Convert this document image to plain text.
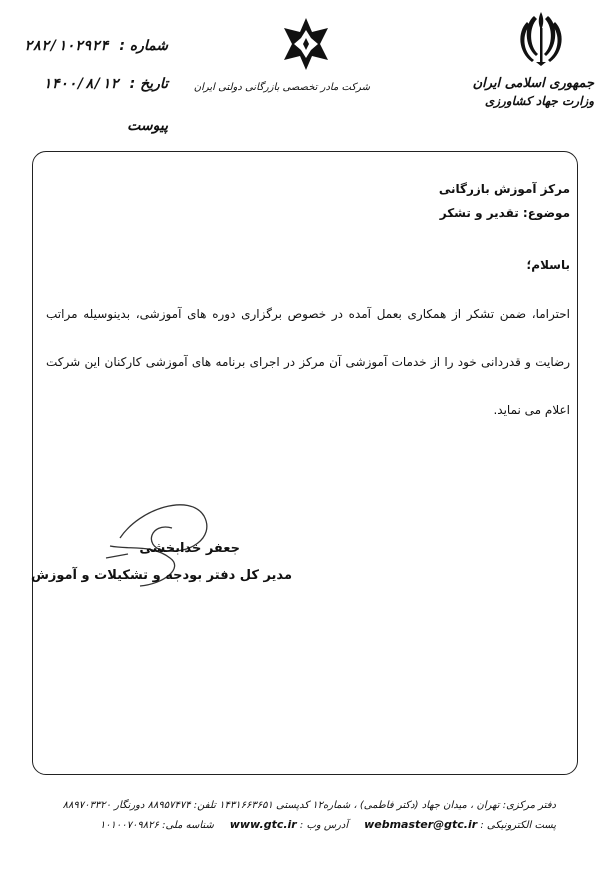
جمهوری اسلامی ایران
وزارت جهاد کشاورزی
شرکت مادر تخصصی بازرگانی دولتی ایران
شماره : ۲۸۲/۱۰۲۹۲۴
تاریخ : ۱۴۰۰/۸/۱۲
پیوست
مرکز آموزش بازرگانی
موضوع: تقدیر و تشکر
باسلام؛
احتراما، ضمن تشکر از همکاری بعمل آمده در خصوص برگزاری دوره های آموزشی، بدینوسیله مراتب رضایت و قدردانی خود را از خدمات آموزشی آن مرکز در اجرای برنامه های آموزشی کارکنان این شرکت اعلام می نماید.
جعفر خدابخشی
مدیر کل دفتر بودجه و تشکیلات و آموزش
دفتر مرکزی: تهران ، میدان جهاد (دکتر فاطمی) ، شماره۱۲ کدپستی ۱۴۳۱۶۶۳۶۵۱ تلفن: ۸۸۹۵۷۴۷۴ دورنگار ۸۸۹۷۰۳۳۲۰
پست الکترونیکی : webmaster@gtc.ir     آدرس وب : www.gtc.ir     شناسه ملی: ۱۰۱۰۰۷۰۹۸۲۶
